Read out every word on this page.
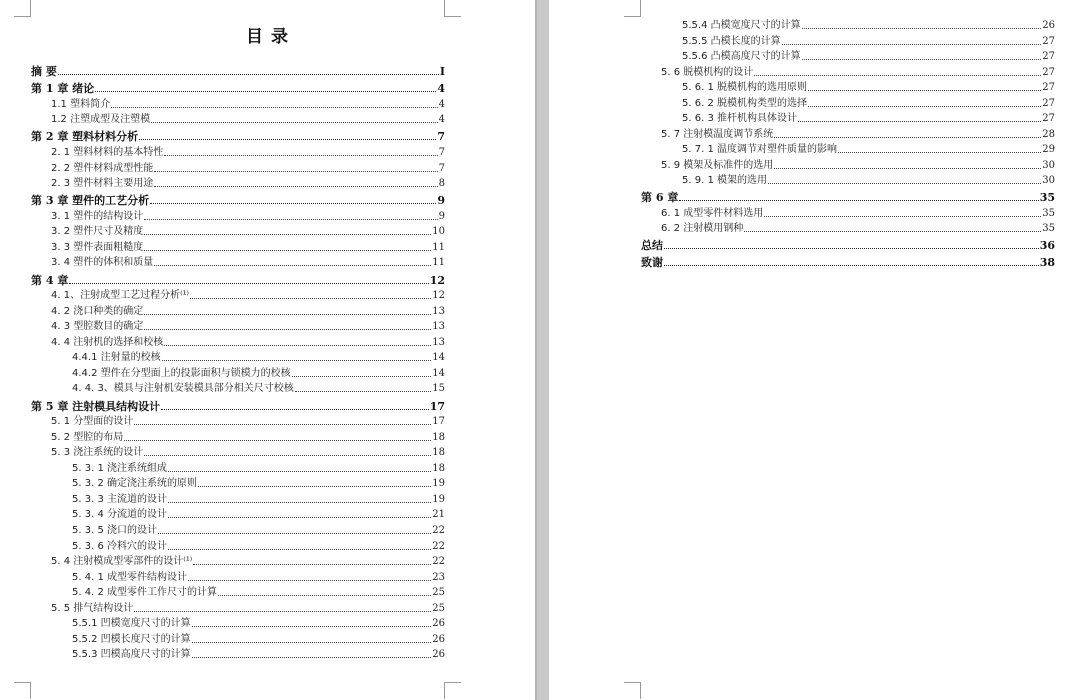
目 录
摘 要	I
第 1 章 绪论	4
1.1 塑料简介	4
1.2 注塑成型及注塑模	4
第 2 章 塑料材料分析	7
2. 1 塑料材料的基本特性	7
2. 2 塑件材料成型性能	7
2. 3 塑件材料主要用途	8
第 3 章 塑件的工艺分析	9
3. 1 塑件的结构设计	9
3. 2 塑件尺寸及精度	10
3. 3 塑件表面粗糙度	11
3. 4 塑件的体积和质量	11
第 4 章	12
4. 1、注射成型工艺过程分析⁽¹⁾	12
4. 2 浇口种类的确定	13
4. 3 型腔数目的确定	13
4. 4 注射机的选择和校核	13
4.4.1 注射量的校核	14
4.4.2 塑件在分型面上的投影面积与锁模力的校核	14
4. 4. 3、模具与注射机安装模具部分相关尺寸校核	15
第 5 章 注射模具结构设计	17
5. 1 分型面的设计	17
5. 2 型腔的布局	18
5. 3 浇注系统的设计	18
5. 3. 1 浇注系统组成	18
5. 3. 2 确定浇注系统的原则	19
5. 3. 3 主流道的设计	19
5. 3. 4 分流道的设计	21
5. 3. 5 浇口的设计	22
5. 3. 6 冷料穴的设计	22
5. 4 注射模成型零部件的设计⁽¹⁾	22
5. 4. 1 成型零件结构设计	23
5. 4. 2 成型零件工作尺寸的计算	25
5. 5 排气结构设计	25
5.5.1 凹模宽度尺寸的计算	26
5.5.2 凹模长度尺寸的计算	26
5.5.3 凹模高度尺寸的计算	26
5.5.4 凸模宽度尺寸的计算	26
5.5.5 凸模长度的计算	27
5.5.6 凸模高度尺寸的计算	27
5. 6 脱模机构的设计	27
5. 6. 1 脱模机构的选用原则	27
5. 6. 2 脱模机构类型的选择	27
5. 6. 3 推杆机构具体设计	27
5. 7 注射模温度调节系统	28
5. 7. 1 温度调节对塑件质量的影响	29
5. 9 模架及标准件的选用	30
5. 9. 1 模架的选用	30
第 6 章	35
6. 1 成型零件材料选用	35
6. 2 注射模用钢种	35
总结	36
致谢	38
